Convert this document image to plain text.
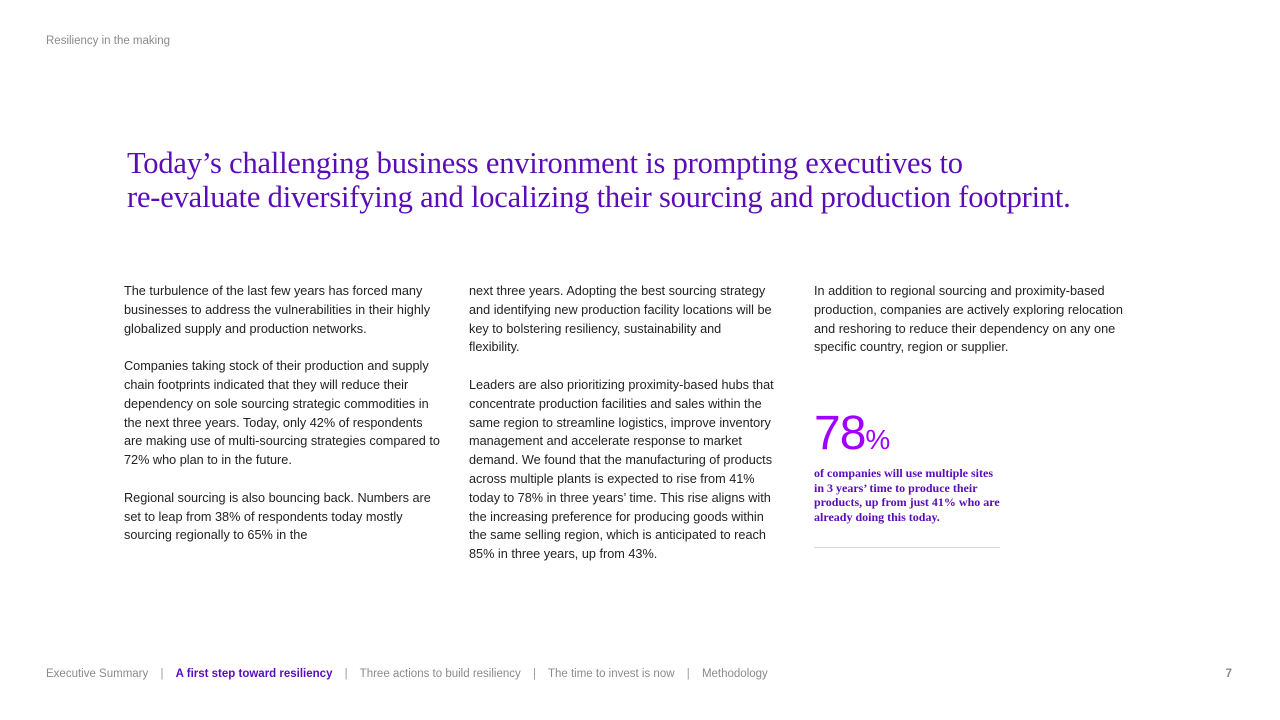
Resiliency in the making
Today’s challenging business environment is prompting executives to
re-evaluate diversifying and localizing their sourcing and production footprint.

The turbulence of the last few years has forced many businesses to address the vulnerabilities in their highly globalized supply and production networks.

Companies taking stock of their production and supply chain footprints indicated that they will reduce their dependency on sole sourcing strategic commodities in the next three years. Today, only 42% of respondents are making use of multi-sourcing strategies compared to 72% who plan to in the future.

Regional sourcing is also bouncing back. Numbers are set to leap from 38% of respondents today mostly sourcing regionally to 65% in the

next three years. Adopting the best sourcing strategy and identifying new production facility locations will be key to bolstering resiliency, sustainability and flexibility.

Leaders are also prioritizing proximity-based hubs that concentrate production facilities and sales within the same region to streamline logistics, improve inventory management and accelerate response to market demand. We found that the manufacturing of products across multiple plants is expected to rise from 41% today to 78% in three years’ time. This rise aligns with the increasing preference for producing goods within the same selling region, which is anticipated to reach 85% in three years, up from 43%.

In addition to regional sourcing and proximity-based production, companies are actively exploring relocation and reshoring to reduce their dependency on any one specific country, region or supplier.

78%
of companies will use multiple sites in 3 years’ time to produce their products, up from just 41% who are already doing this today.
Executive Summary | A first step toward resiliency | Three actions to build resiliency | The time to invest is now | Methodology	7
